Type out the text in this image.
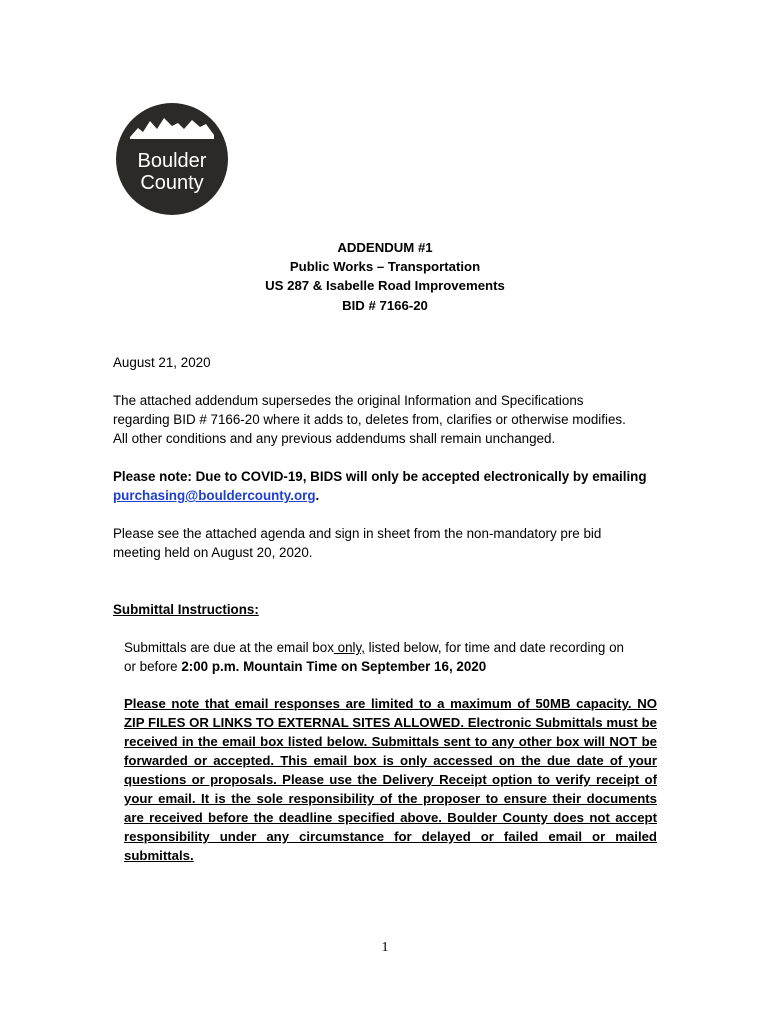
Boulder
County
ADDENDUM #1
Public Works – Transportation
US 287 & Isabelle Road Improvements
BID # 7166-20
August 21, 2020
The attached addendum supersedes the original Information and Specifications
regarding BID # 7166-20 where it adds to, deletes from, clarifies or otherwise modifies.
All other conditions and any previous addendums shall remain unchanged.
Please note: Due to COVID-19, BIDS will only be accepted electronically by emailing
purchasing@bouldercounty.org.
Please see the attached agenda and sign in sheet from the non-mandatory pre bid
meeting held on August 20, 2020.
Submittal Instructions:
Submittals are due at the email box only, listed below, for time and date recording on
or before 2:00 p.m. Mountain Time on September 16, 2020
Please note that email responses are limited to a maximum of 50MB capacity. NO
ZIP FILES OR LINKS TO EXTERNAL SITES ALLOWED. Electronic Submittals must be
received in the email box listed below. Submittals sent to any other box will NOT be
forwarded or accepted. This email box is only accessed on the due date of your
questions or proposals. Please use the Delivery Receipt option to verify receipt of
your email. It is the sole responsibility of the proposer to ensure their documents
are received before the deadline specified above. Boulder County does not accept
responsibility under any circumstance for delayed or failed email or mailed
submittals.
1
